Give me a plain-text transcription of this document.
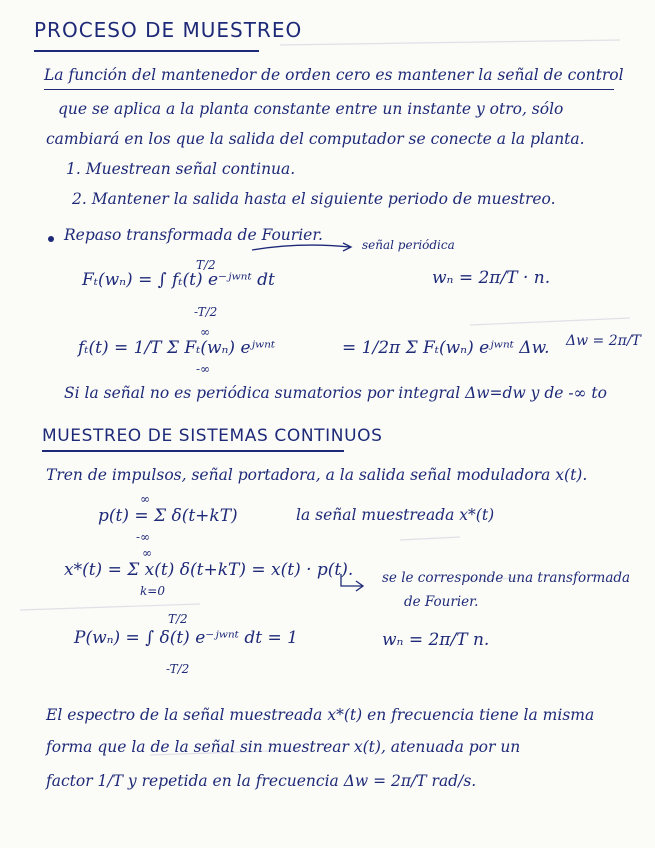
PROCESO DE MUESTREO
La función del mantenedor de orden cero es mantener la señal de control
que se aplica a la planta constante entre un instante y otro, sólo
cambiará en los que la salida del computador se conecte a la planta.
1. Muestrean señal continua.
2. Mantener la salida hasta el siguiente periodo de muestreo.
Repaso transformada de Fourier.
señal periódica
T/2
Fₜ(wₙ) = ∫ fₜ(t) e⁻ʲʷⁿᵗ dt
-T/2
wₙ = 2π/T · n.
∞
fₜ(t) = 1/T Σ Fₜ(wₙ) eʲʷⁿᵗ
-∞
= 1/2π Σ Fₜ(wₙ) eʲʷⁿᵗ Δw. Δw = 2π/T
Si la señal no es periódica sumatorios por integral Δw=dw y de -∞ to
MUESTREO DE SISTEMAS CONTINUOS
Tren de impulsos, señal portadora, a la salida señal moduladora x(t).
∞
p(t) = Σ δ(t+kT)
-∞
la señal muestreada x*(t)
∞
x*(t) = Σ x(t) δ(t+kT) = x(t) · p(t).
k=0
se le corresponde una transformada
de Fourier.
T/2
P(wₙ) = ∫ δ(t) e⁻ʲʷⁿᵗ dt = 1
-T/2
wₙ = 2π/T n.
El espectro de la señal muestreada x*(t) en frecuencia tiene la misma
forma que la de la señal sin muestrear x(t), atenuada por un
factor 1/T y repetida en la frecuencia Δw = 2π/T rad/s.
